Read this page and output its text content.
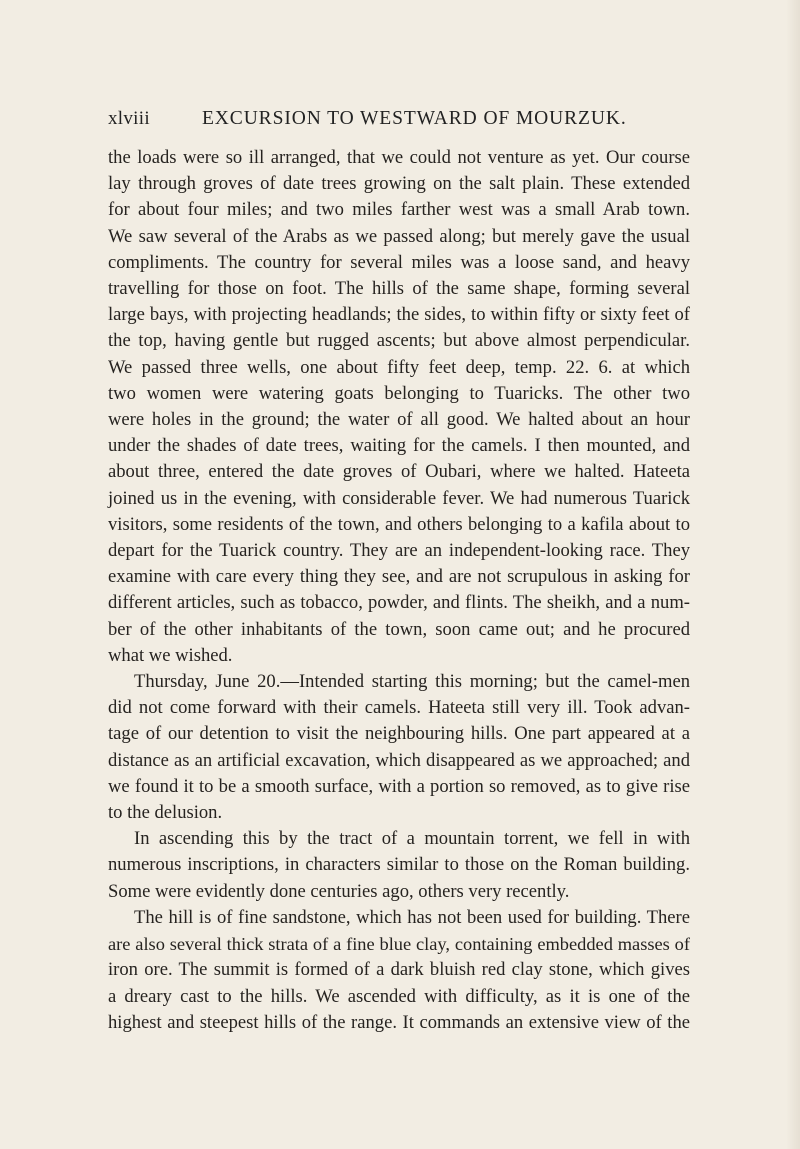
xlviii	EXCURSION TO WESTWARD OF MOURZUK.
the loads were so ill arranged, that we could not venture as yet. Our course
lay through groves of date trees growing on the salt plain. These extended
for about four miles; and two miles farther west was a small Arab town.
We saw several of the Arabs as we passed along; but merely gave the usual
compliments. The country for several miles was a loose sand, and heavy
travelling for those on foot. The hills of the same shape, forming several
large bays, with projecting headlands; the sides, to within fifty or sixty feet of
the top, having gentle but rugged ascents; but above almost perpendicular.
We passed three wells, one about fifty feet deep, temp. 22. 6. at which
two women were watering goats belonging to Tuaricks. The other two
were holes in the ground; the water of all good. We halted about an hour
under the shades of date trees, waiting for the camels. I then mounted, and
about three, entered the date groves of Oubari, where we halted. Hateeta
joined us in the evening, with considerable fever. We had numerous Tuarick
visitors, some residents of the town, and others belonging to a kafila about to
depart for the Tuarick country. They are an independent-looking race. They
examine with care every thing they see, and are not scrupulous in asking for
different articles, such as tobacco, powder, and flints. The sheikh, and a num-
ber of the other inhabitants of the town, soon came out; and he procured
what we wished.
Thursday, June 20.—Intended starting this morning; but the camel-men
did not come forward with their camels. Hateeta still very ill. Took advan-
tage of our detention to visit the neighbouring hills. One part appeared at a
distance as an artificial excavation, which disappeared as we approached; and
we found it to be a smooth surface, with a portion so removed, as to give rise
to the delusion.
In ascending this by the tract of a mountain torrent, we fell in with
numerous inscriptions, in characters similar to those on the Roman building.
Some were evidently done centuries ago, others very recently.
The hill is of fine sandstone, which has not been used for building. There
are also several thick strata of a fine blue clay, containing embedded masses of
iron ore. The summit is formed of a dark bluish red clay stone, which gives
a dreary cast to the hills. We ascended with difficulty, as it is one of the
highest and steepest hills of the range. It commands an extensive view of the
